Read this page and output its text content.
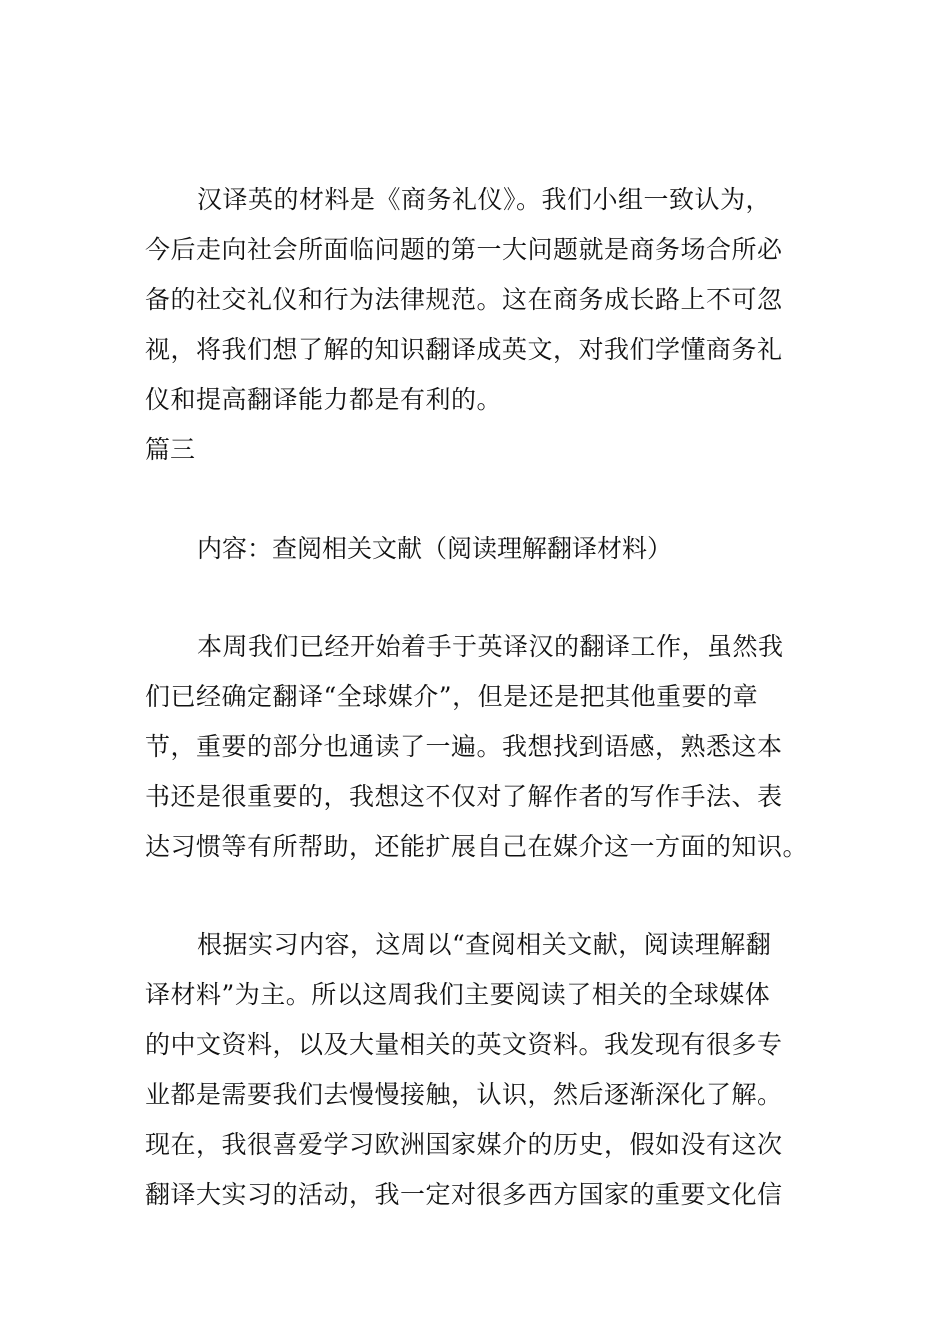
汉译英的材料是《商务礼仪》。我们小组一致认为，
今后走向社会所面临问题的第一大问题就是商务场合所必
备的社交礼仪和行为法律规范。这在商务成长路上不可忽
视，将我们想了解的知识翻译成英文，对我们学懂商务礼
仪和提高翻译能力都是有利的。
篇三
内容：查阅相关文献（阅读理解翻译材料）
本周我们已经开始着手于英译汉的翻译工作，虽然我
们已经确定翻译“全球媒介”，但是还是把其他重要的章
节，重要的部分也通读了一遍。我想找到语感，熟悉这本
书还是很重要的，我想这不仅对了解作者的写作手法、表
达习惯等有所帮助，还能扩展自己在媒介这一方面的知识。
根据实习内容，这周以“查阅相关文献，阅读理解翻
译材料”为主。所以这周我们主要阅读了相关的全球媒体
的中文资料，以及大量相关的英文资料。我发现有很多专
业都是需要我们去慢慢接触，认识，然后逐渐深化了解。
现在，我很喜爱学习欧洲国家媒介的历史，假如没有这次
翻译大实习的活动，我一定对很多西方国家的重要文化信
